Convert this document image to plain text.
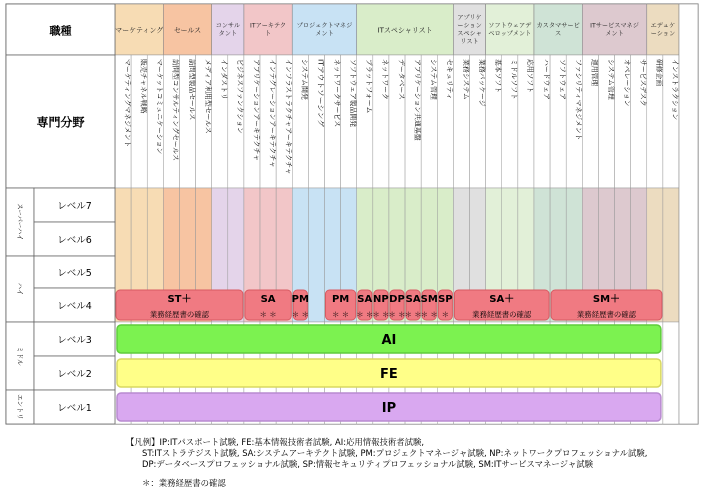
マーケティング セールス
コンサルタント
ITアーキテクト
プロジェクトマネジメント	ITスペシャリスト
アプリケーションスペシャリスト
ソフトウェアデベロップメント
カスタマサービス
ITサービスマネジメント
エデュケーション
マーケティングマネジメント 販売チャネル戦略 マーケットコミュニケーション 訪問型コンサルティングセールス 訪問型製品セールス メディア利用型セールス インダストリ ビジネスファンクション アプリケーションアーキテクチャ インテグレーションアーキテクチャ インフラストラクチャアーキテクチャ システム開発 ITアウトソーシング ネットワークサービス ソフトウェア製品開発 プラットフォーム ネットワーク データベース アプリケーション共通基盤 システム管理 セキュリティ 業務システム 業務パッケージ 基本ソフト ミドルソフト 応用ソフト ハードウェア ソフトウェア ファシリティマネジメント 運用管理 システム管理 オペレーション サービスデスク 研修企画 インストラクション
職種
専門分野
スーパーハイ
ハイ
ミドル
エントリ
レベル7
レベル6
レベル5
レベル4
レベル3
レベル2
レベル1
AI
FE
IP
ST＋
業務経歴書の確認
SA
＊ ＊
PM
＊ ＊
PM
＊ ＊
SA
＊ ＊
NP
＊ ＊
DP
＊ ＊
SA
＊ ＊
SM
＊ ＊
SP
＊
SA＋
業務経歴書の確認
SM＋
業務経歴書の確認
【凡例】IP:ITパスポート試験, FE:基本情報技術者試験, AI:応用情報技術者試験,
ST:ITストラテジスト試験, SA:システムアーキテクト試験, PM:プロジェクトマネージャ試験, NP:ネットワークプロフェッショナル試験,
DP:データベースプロフェッショナル試験, SP:情報セキュリティプロフェッショナル試験, SM:ITサービスマネージャ試験
＊：業務経歴書の確認
